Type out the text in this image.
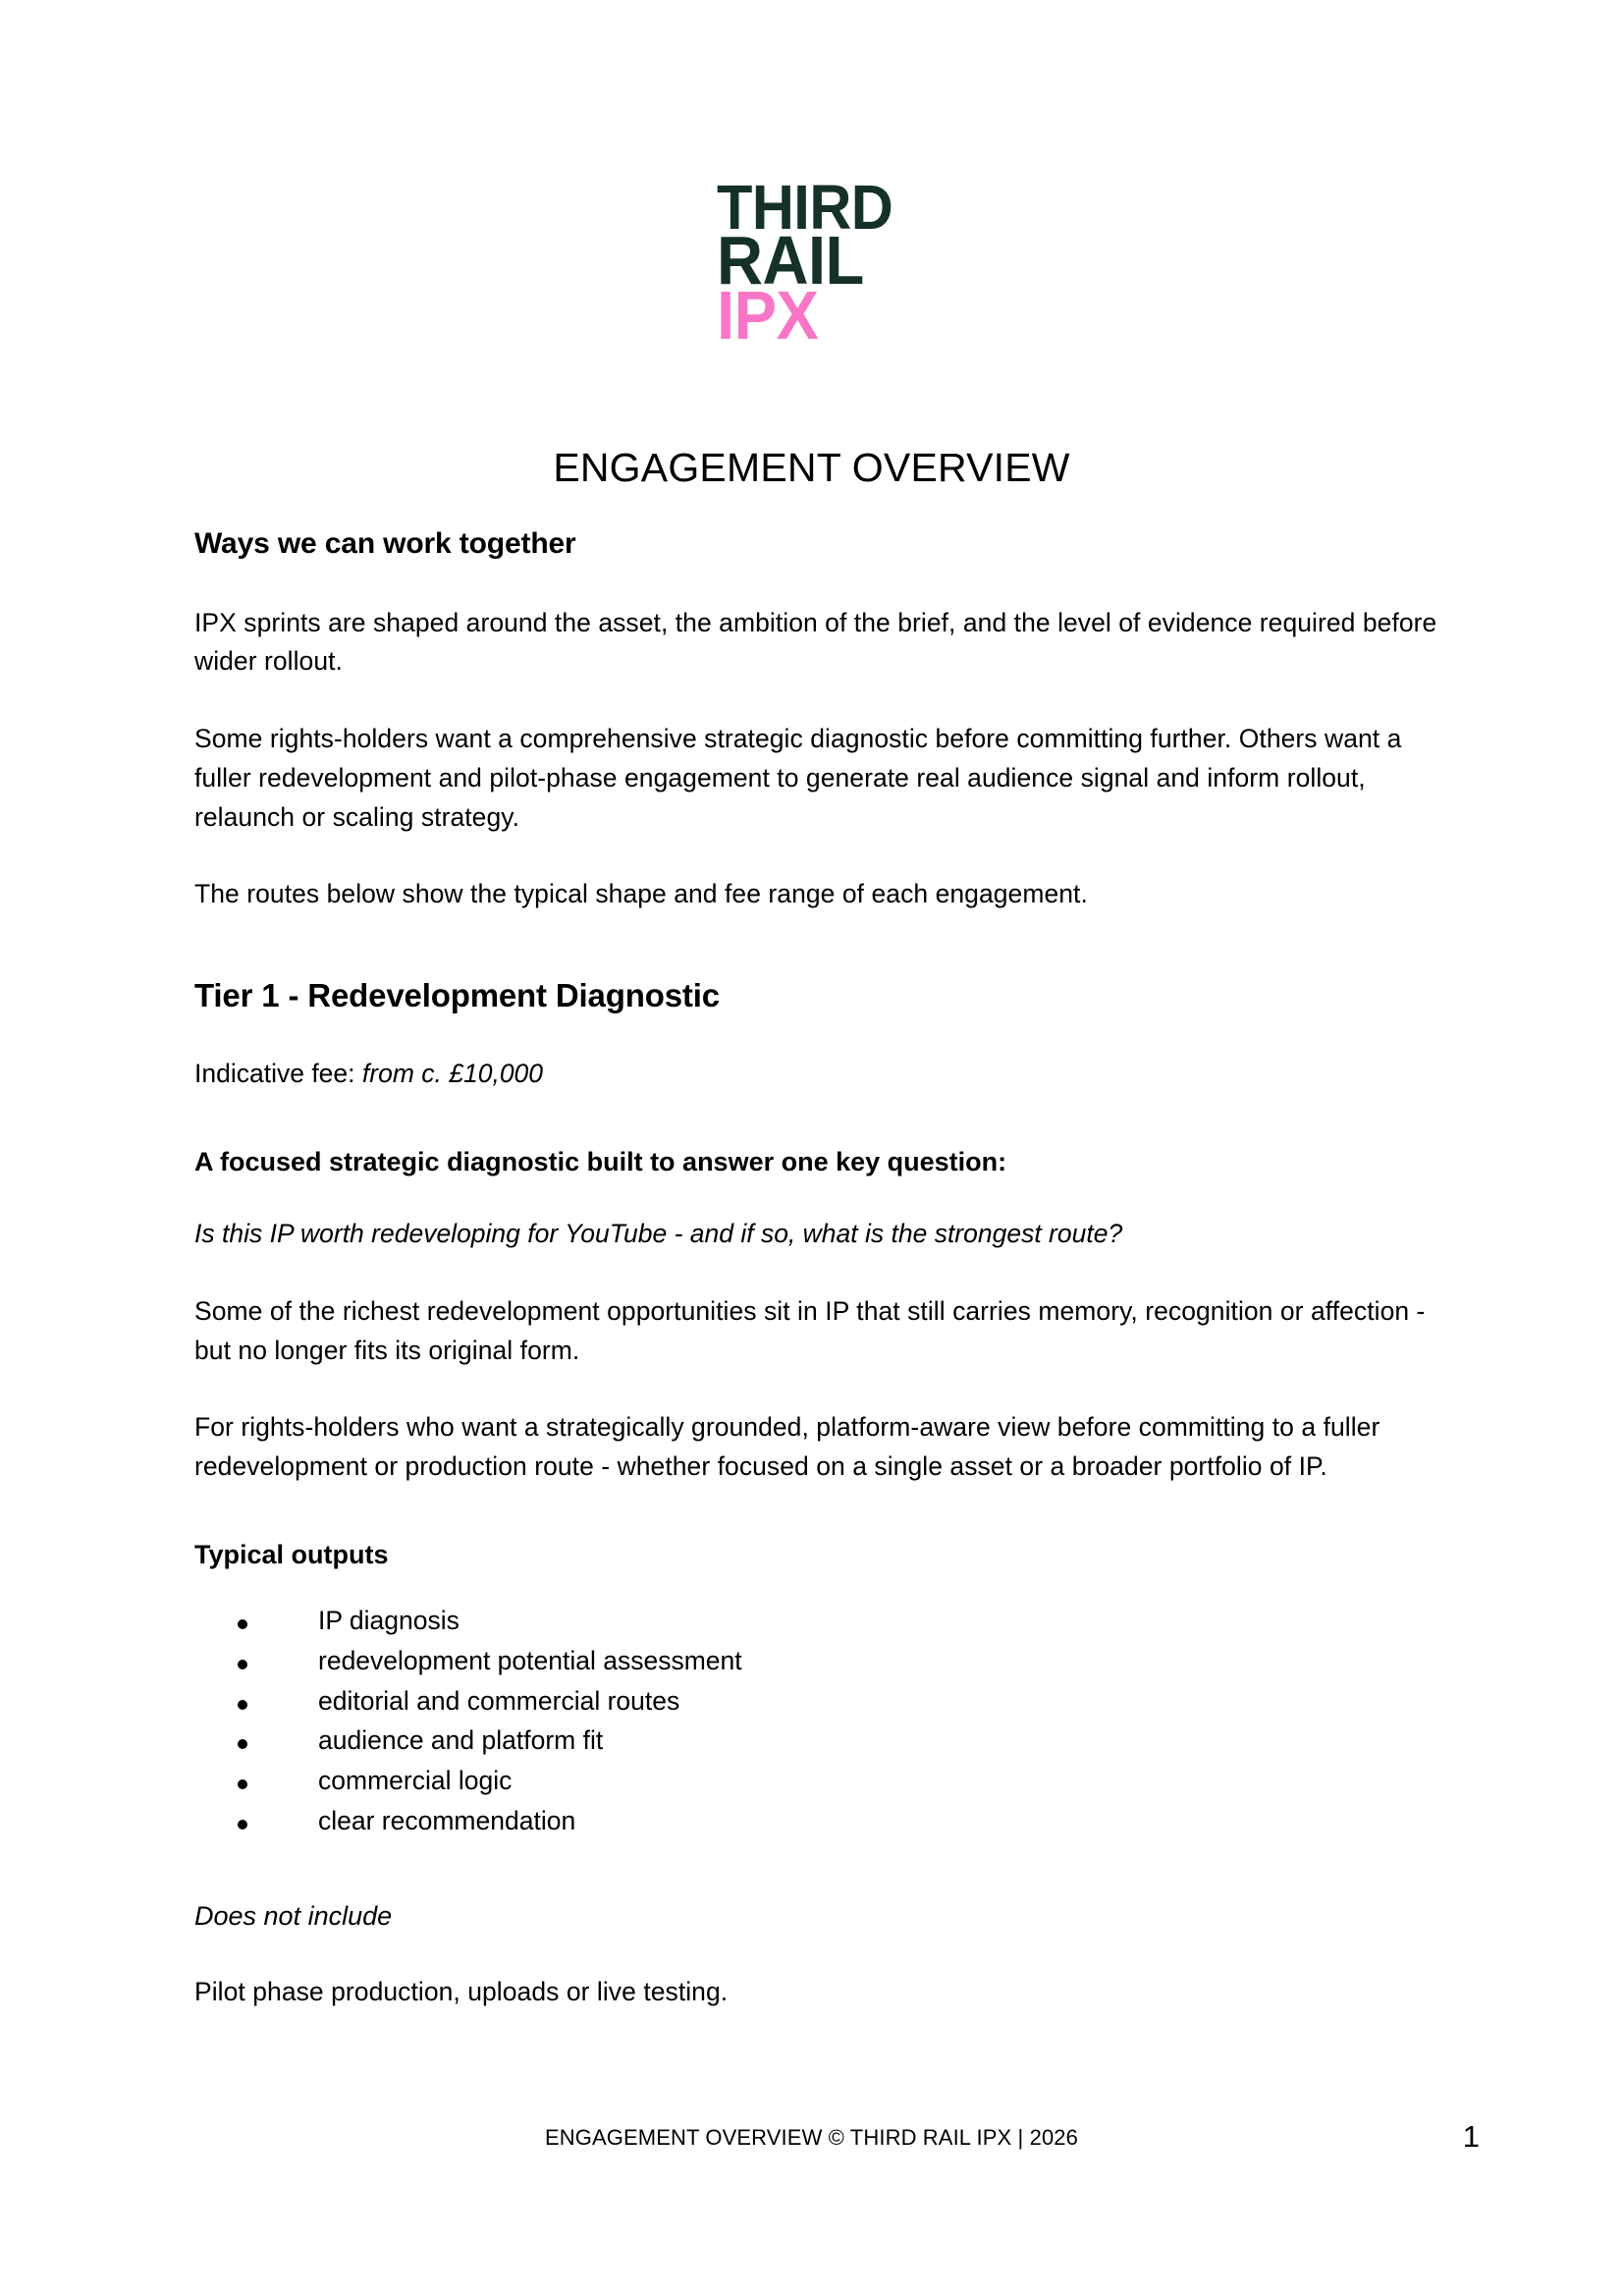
THIRD
RAIL
IPX
ENGAGEMENT OVERVIEW
Ways we can work together

IPX sprints are shaped around the asset, the ambition of the brief, and the level of evidence required before wider rollout.

Some rights-holders want a comprehensive strategic diagnostic before committing further. Others want a fuller redevelopment and pilot-phase engagement to generate real audience signal and inform rollout, relaunch or scaling strategy.

The routes below show the typical shape and fee range of each engagement.

Tier 1 - Redevelopment Diagnostic

Indicative fee: from c. £10,000

A focused strategic diagnostic built to answer one key question:

Is this IP worth redeveloping for YouTube - and if so, what is the strongest route?

Some of the richest redevelopment opportunities sit in IP that still carries memory, recognition or affection - but no longer fits its original form.

For rights-holders who want a strategically grounded, platform-aware view before committing to a fuller redevelopment or production route - whether focused on a single asset or a broader portfolio of IP.

Typical outputs
IP diagnosis
redevelopment potential assessment
editorial and commercial routes
audience and platform fit
commercial logic
clear recommendation
Does not include

Pilot phase production, uploads or live testing.

ENGAGEMENT OVERVIEW © THIRD RAIL IPX | 2026	1
